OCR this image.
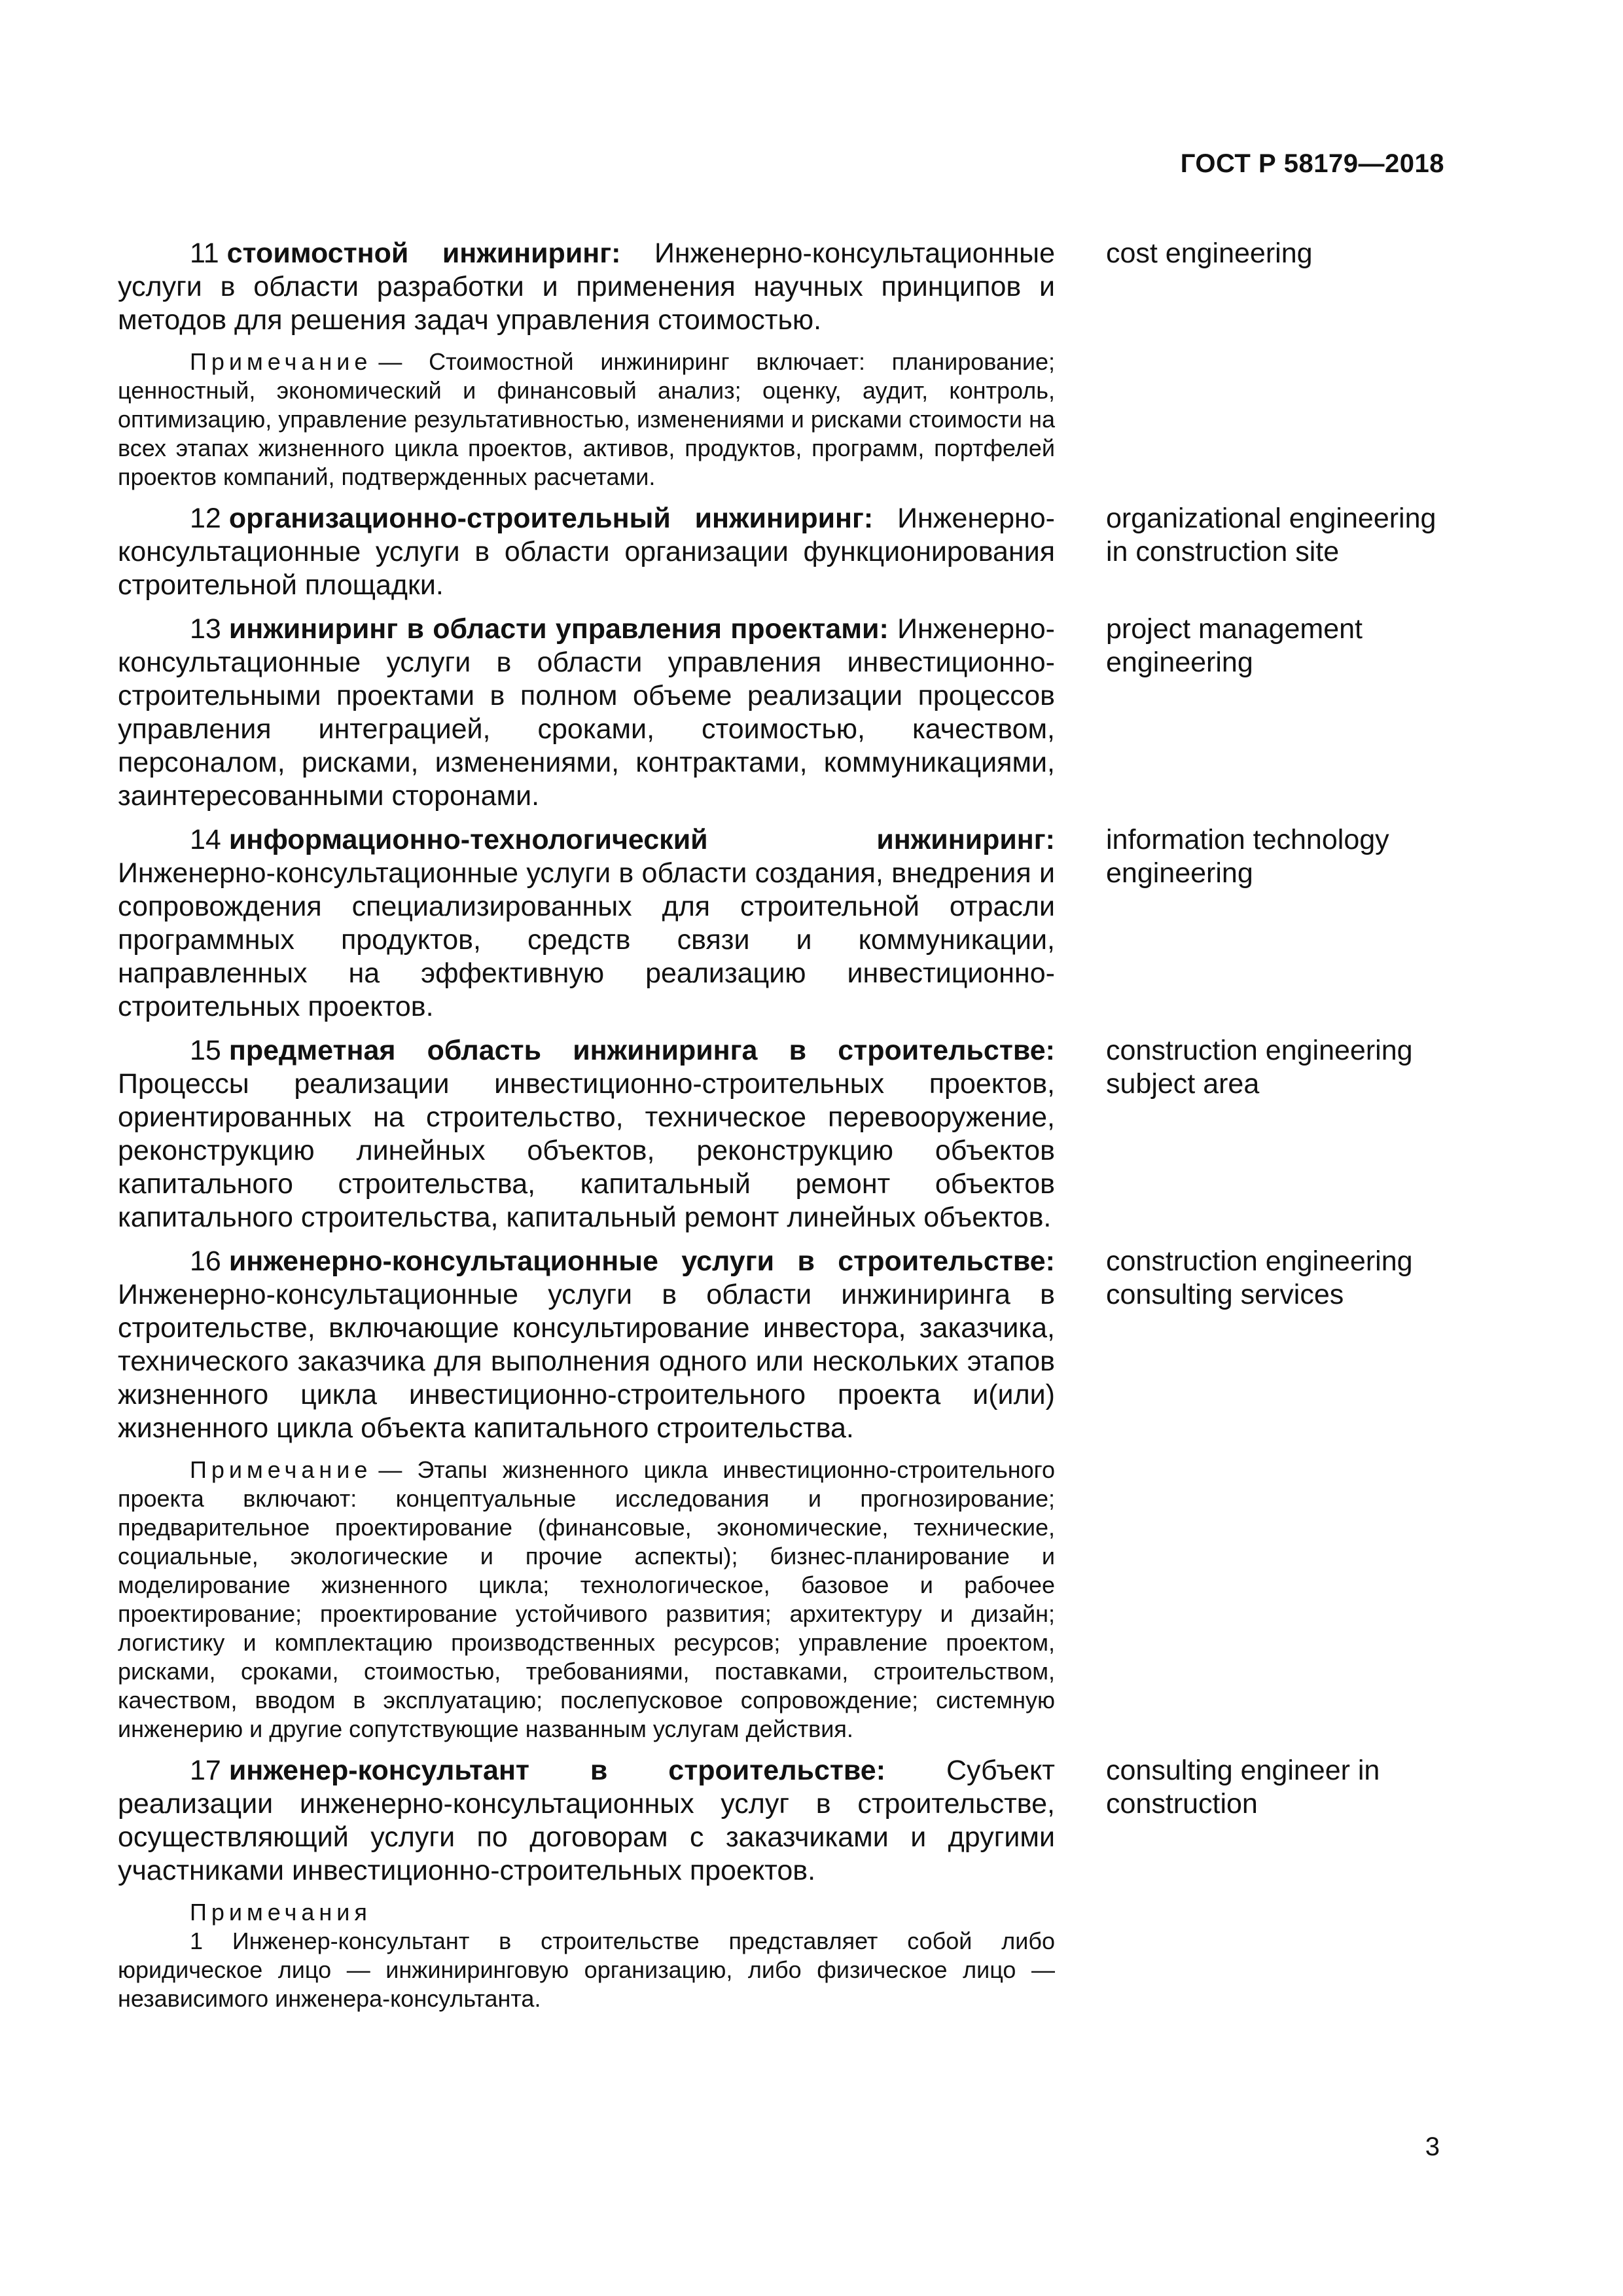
ГОСТ Р 58179—2018
11 стоимостной инжиниринг: Инженерно-консультационные услуги в области разработки и применения научных принципов и методов для решения задач управления стоимостью.
cost engineering
Примечание — Стоимостной инжиниринг включает: планирование; ценностный, экономический и финансовый анализ; оценку, аудит, контроль, оптимизацию, управление результативностью, изменениями и рисками стоимости на всех этапах жизненного цикла проектов, активов, продуктов, программ, портфелей проектов компаний, подтвержденных расчетами.
12 организационно-строительный инжиниринг: Инженерно-консультационные услуги в области организации функционирования строительной площадки.
organizational engineering in construction site
13 инжиниринг в области управления проектами: Инженерно-консультационные услуги в области управления инвестиционно-строительными проектами в полном объеме реализации процессов управления интеграцией, сроками, стоимостью, качеством, персоналом, рисками, изменениями, контрактами, коммуникациями, заинтересованными сторонами.
project management engineering
14 информационно-технологический инжиниринг: Инженерно-консультационные услуги в области создания, внедрения и сопровождения специализированных для строительной отрасли программных продуктов, средств связи и коммуникации, направленных на эффективную реализацию инвестиционно-строительных проектов.
information technology engineering
15 предметная область инжиниринга в строительстве: Процессы реализации инвестиционно-строительных проектов, ориентированных на строительство, техническое перевооружение, реконструкцию линейных объектов, реконструкцию объектов капитального строительства, капитальный ремонт объектов капитального строительства, капитальный ремонт линейных объектов.
construction engineering subject area
16 инженерно-консультационные услуги в строительстве: Инженерно-консультационные услуги в области инжиниринга в строительстве, включающие консультирование инвестора, заказчика, технического заказчика для выполнения одного или нескольких этапов жизненного цикла инвестиционно-строительного проекта и(или) жизненного цикла объекта капитального строительства.
construction engineering consulting services
Примечание — Этапы жизненного цикла инвестиционно-строительного проекта включают: концептуальные исследования и прогнозирование; предварительное проектирование (финансовые, экономические, технические, социальные, экологические и прочие аспекты); бизнес-планирование и моделирование жизненного цикла; технологическое, базовое и рабочее проектирование; проектирование устойчивого развития; архитектуру и дизайн; логистику и комплектацию производственных ресурсов; управление проектом, рисками, сроками, стоимостью, требованиями, поставками, строительством, качеством, вводом в эксплуатацию; послепусковое сопровождение; системную инженерию и другие сопутствующие названным услугам действия.
17 инженер-консультант в строительстве: Субъект реализации инженерно-консультационных услуг в строительстве, осуществляющий услуги по договорам с заказчиками и другими участниками инвестиционно-строительных проектов.
consulting engineer in construction
Примечания
1 Инженер-консультант в строительстве представляет собой либо юридическое лицо — инжиниринговую организацию, либо физическое лицо — независимого инженера-консультанта.
3
